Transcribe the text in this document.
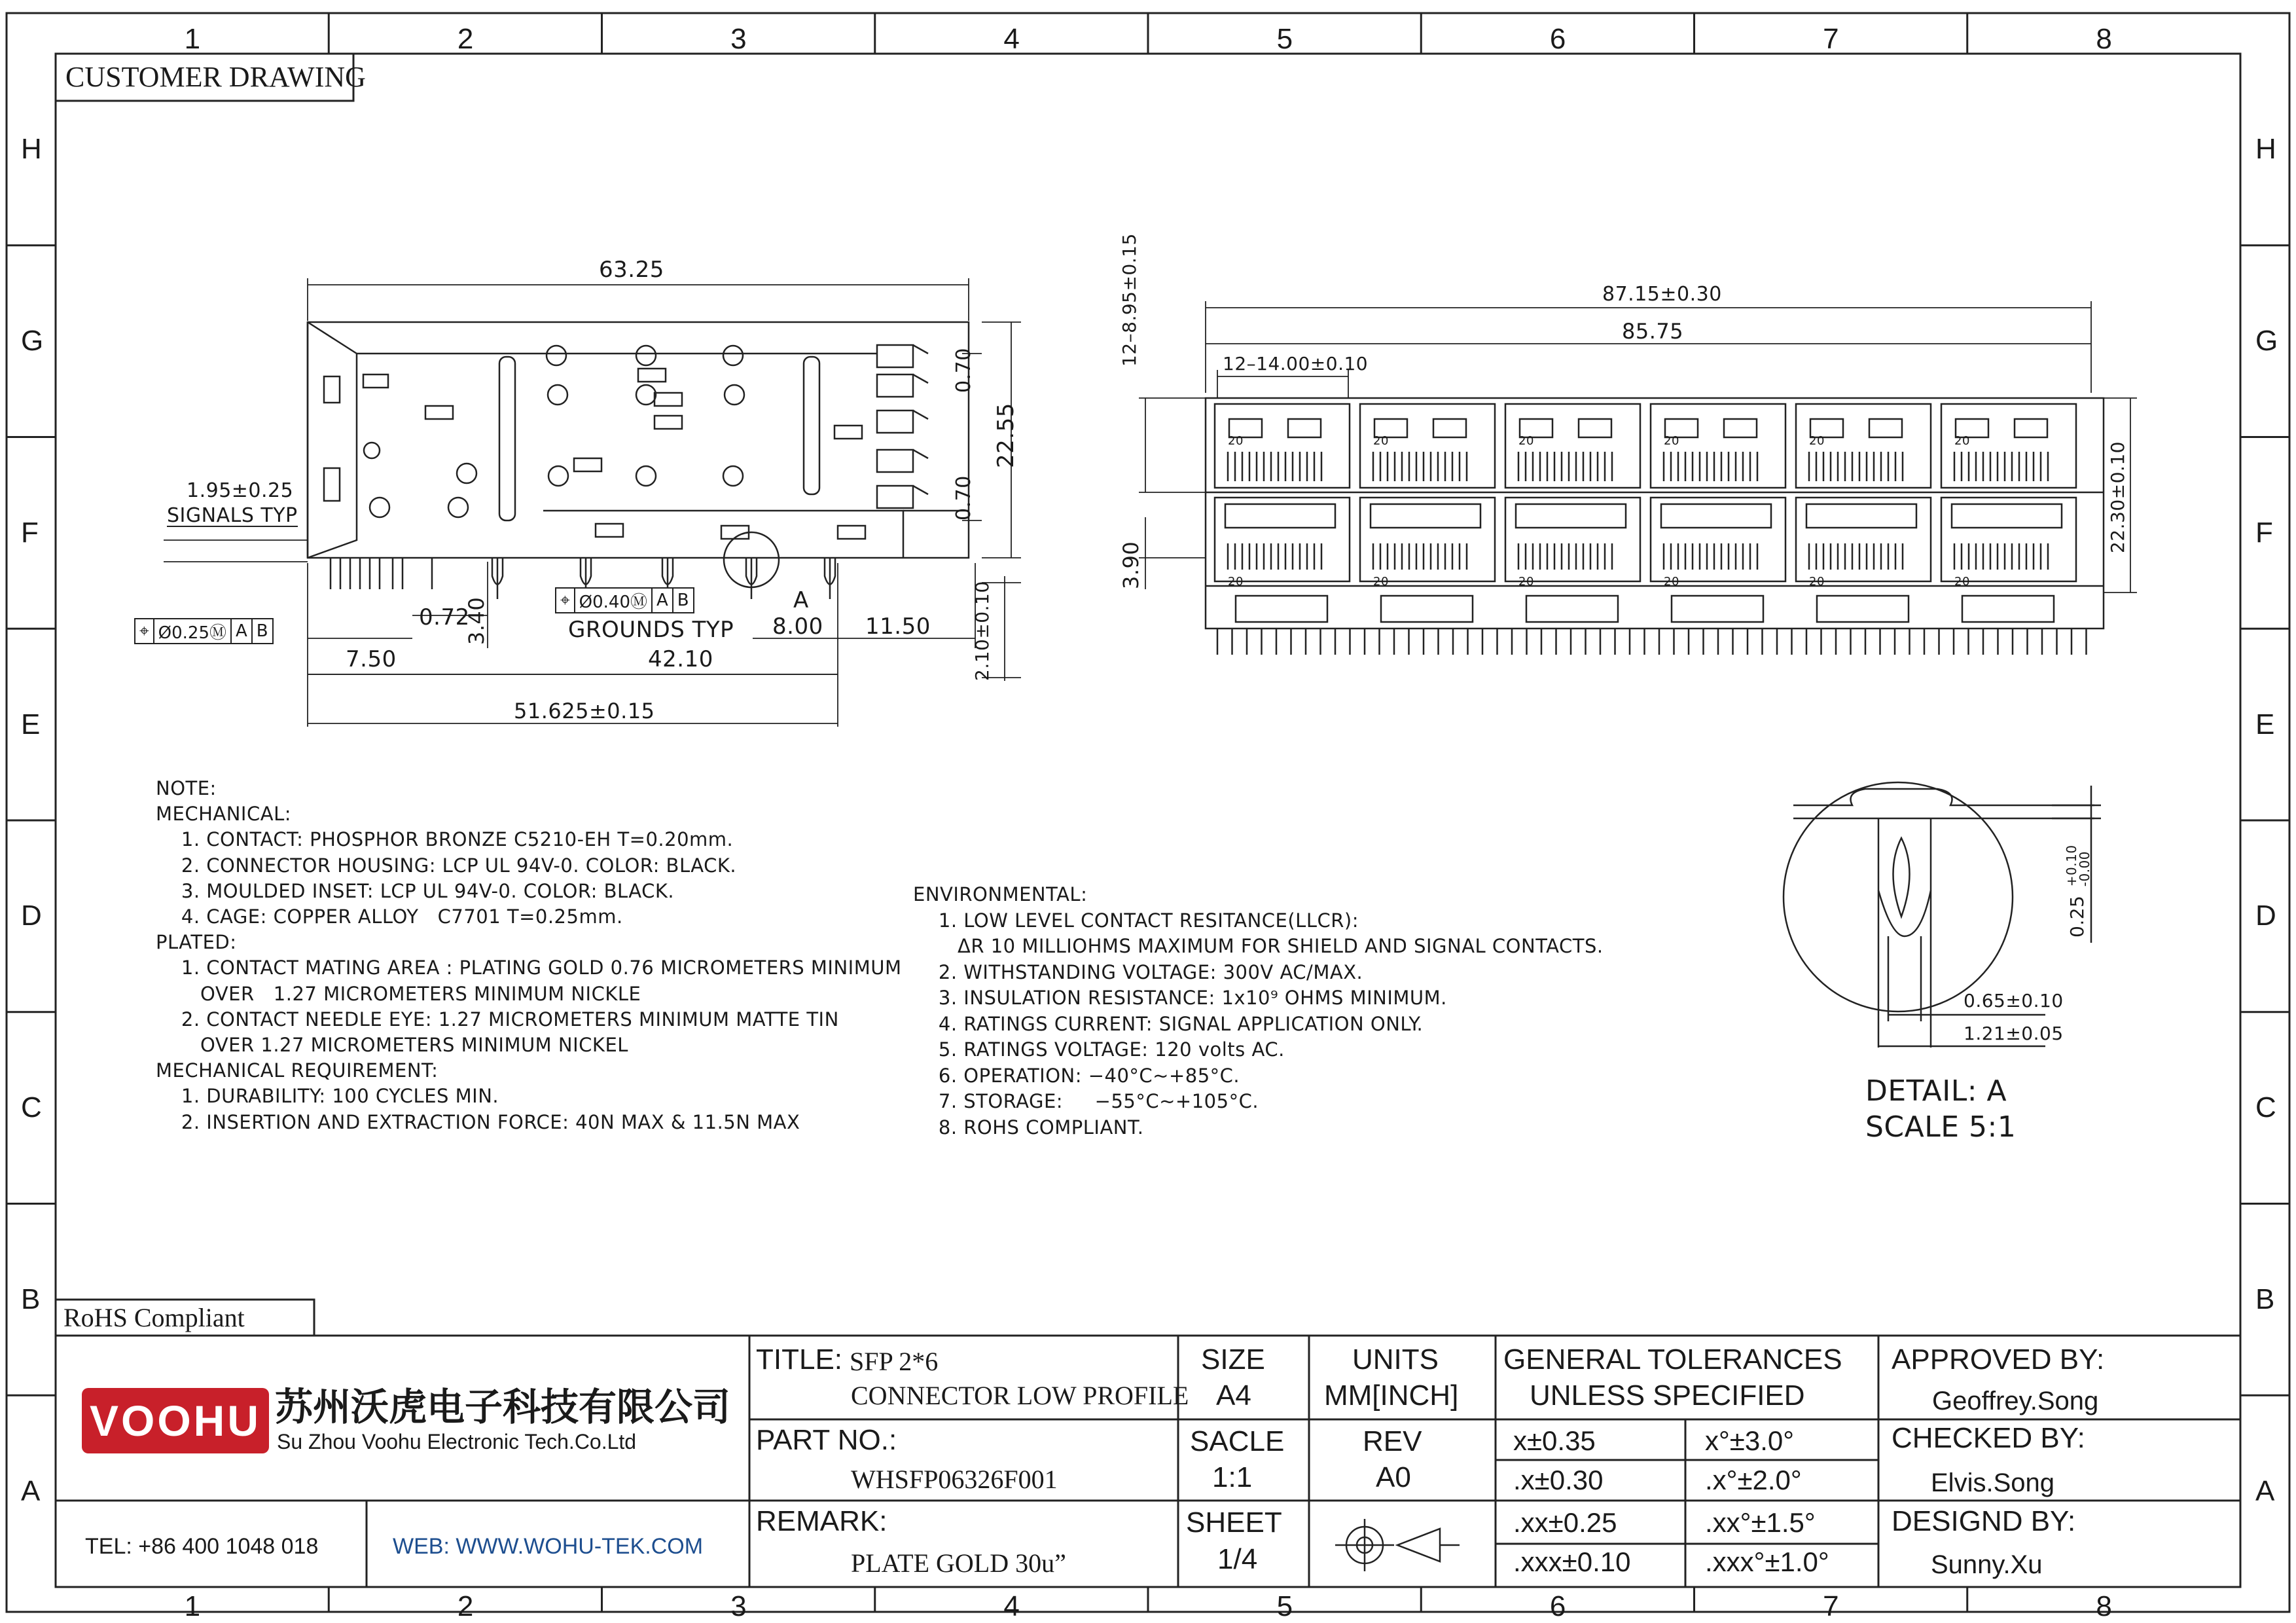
1
1
2
2
3
3
4
4
5
5
6
6
7
7
8
8
H	H
G	G
F	F
E	E
D	D
C	C
B	B
A	A
CUSTOMER DRAWING
63.25
1.95±0.25
SIGNALS TYP
⌖ Ø0.25Ⓜ A B
⌖ Ø0.40Ⓜ A B
GROUNDS TYP
0.72
3.40
7.50	42.10
8.00 11.50
51.625±0.15
0.70
0.70
22.55
2.10±0.10
A
87.15±0.30
85.75
12–14.00±0.10
12–8.95±0.15
3.90
22.30±0.10
20
20
20
20
20
20
20
20
20
20
20
20
0.25
+0.10
-0.00
0.65±0.10
1.21±0.05
DETAIL: A
SCALE 5:1
NOTE:
MECHANICAL:
1. CONTACT: PHOSPHOR BRONZE C5210-EH T=0.20mm.
2. CONNECTOR HOUSING: LCP UL 94V-0. COLOR: BLACK.
3. MOULDED INSET: LCP UL 94V-0. COLOR: BLACK.
4. CAGE: COPPER ALLOY   C7701 T=0.25mm.
PLATED:
1. CONTACT MATING AREA : PLATING GOLD 0.76 MICROMETERS MINIMUM
OVER   1.27 MICROMETERS MINIMUM NICKLE
2. CONTACT NEEDLE EYE: 1.27 MICROMETERS MINIMUM MATTE TIN
OVER 1.27 MICROMETERS MINIMUM NICKEL
MECHANICAL REQUIREMENT:
1. DURABILITY: 100 CYCLES MIN.
2. INSERTION AND EXTRACTION FORCE: 40N MAX & 11.5N MAX
ENVIRONMENTAL:
1. LOW LEVEL CONTACT RESITANCE(LLCR):
ΔR 10 MILLIOHMS MAXIMUM FOR SHIELD AND SIGNAL CONTACTS.
2. WITHSTANDING VOLTAGE: 300V AC/MAX.
3. INSULATION RESISTANCE: 1x10⁹ OHMS MINIMUM.
4. RATINGS CURRENT: SIGNAL APPLICATION ONLY.
5. RATINGS VOLTAGE: 120 volts AC.
6. OPERATION: −40°C~+85°C.
7. STORAGE:     −55°C~+105°C.
8. ROHS COMPLIANT.
RoHS Compliant
VOOHU 苏州沃虎电子科技有限公司
Su Zhou Voohu Electronic Tech.Co.Ltd
TEL: +86 400 1048 018	WEB: WWW.WOHU-TEK.COM
TITLE: SFP 2*6
CONNECTOR LOW PROFILE
PART NO.:
WHSFP06326F001
REMARK:
PLATE GOLD 30u”
SIZE
A4
UNITS
MM[INCH]
SACLE
1:1
REV
A0
SHEET
1/4
GENERAL TOLERANCES
UNLESS SPECIFIED
x±0.35	x°±3.0°
.x±0.30	.x°±2.0°
.xx±0.25	.xx°±1.5°
.xxx±0.10	.xxx°±1.0°
APPROVED BY:
Geoffrey.Song
CHECKED BY:
Elvis.Song
DESIGND BY:
Sunny.Xu
